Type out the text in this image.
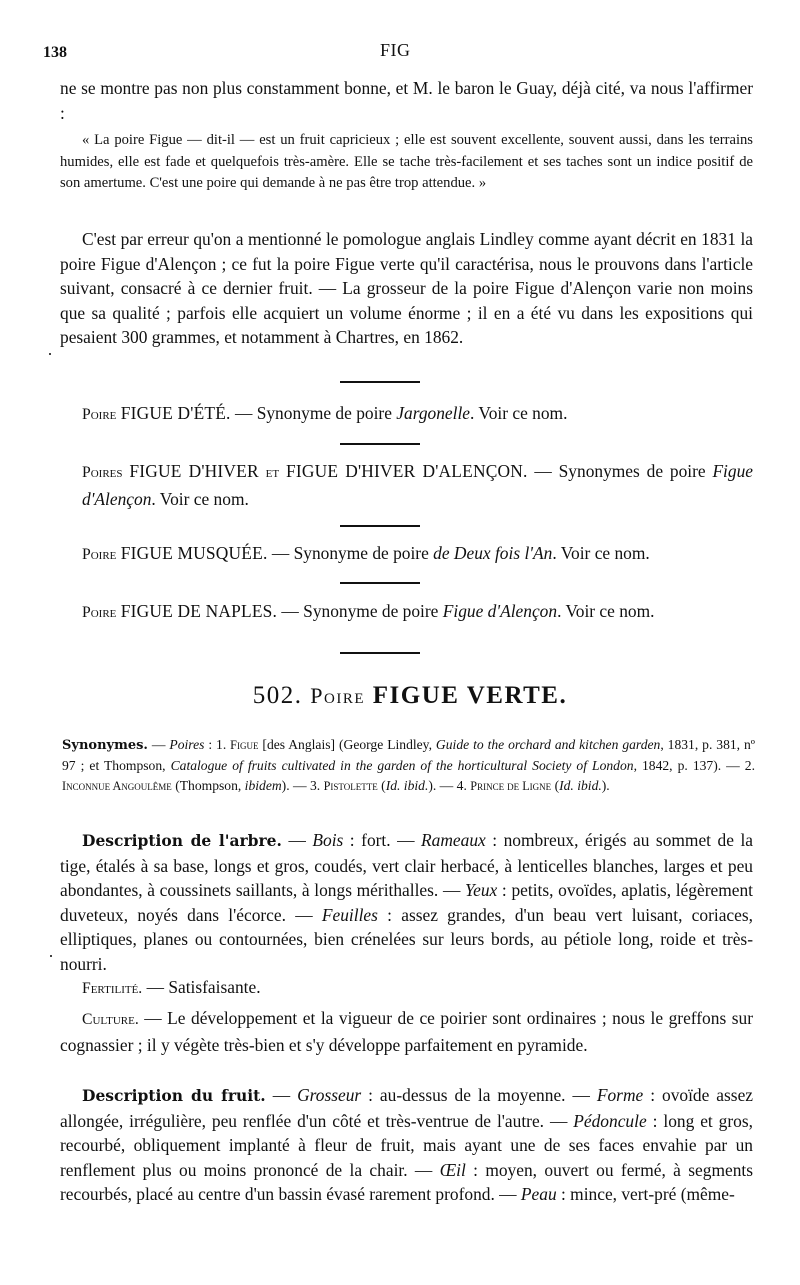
138	FIG
ne se montre pas non plus constamment bonne, et M. le baron le Guay, déjà cité, va nous l'affirmer :
« La poire Figue — dit-il — est un fruit capricieux ; elle est souvent excellente, souvent aussi, dans les terrains humides, elle est fade et quelquefois très-amère. Elle se tache très-facilement et ses taches sont un indice positif de son amertume. C'est une poire qui demande à ne pas être trop attendue. »
C'est par erreur qu'on a mentionné le pomologue anglais Lindley comme ayant décrit en 1831 la poire Figue d'Alençon ; ce fut la poire Figue verte qu'il caractérisa, nous le prouvons dans l'article suivant, consacré à ce dernier fruit. — La grosseur de la poire Figue d'Alençon varie non moins que sa qualité ; parfois elle acquiert un volume énorme ; il en a été vu dans les expositions qui pesaient 300 grammes, et notamment à Chartres, en 1862.
Poire FIGUE D'ÉTÉ. — Synonyme de poire Jargonelle. Voir ce nom.
Poires FIGUE D'HIVER et FIGUE D'HIVER D'ALENÇON. — Synonymes de poire Figue d'Alençon. Voir ce nom.
Poire FIGUE MUSQUÉE. — Synonyme de poire de Deux fois l'An. Voir ce nom.
Poire FIGUE DE NAPLES. — Synonyme de poire Figue d'Alençon. Voir ce nom.
502. Poire FIGUE VERTE.
Synonymes. — Poires : 1. Figue [des Anglais] (George Lindley, Guide to the orchard and kitchen garden, 1831, p. 381, nº 97 ; et Thompson, Catalogue of fruits cultivated in the garden of the horticultural Society of London, 1842, p. 137). — 2. Inconnue Angoulême (Thompson, ibidem). — 3. Pistolette (Id. ibid.). — 4. Prince de Ligne (Id. ibid.).
Description de l'arbre. — Bois : fort. — Rameaux : nombreux, érigés au sommet de la tige, étalés à sa base, longs et gros, coudés, vert clair herbacé, à lenticelles blanches, larges et peu abondantes, à coussinets saillants, à longs mérithalles. — Yeux : petits, ovoïdes, aplatis, légèrement duveteux, noyés dans l'écorce. — Feuilles : assez grandes, d'un beau vert luisant, coriaces, elliptiques, planes ou contournées, bien crénelées sur leurs bords, au pétiole long, roide et très-nourri.
Fertilité. — Satisfaisante.
Culture. — Le développement et la vigueur de ce poirier sont ordinaires ; nous le greffons sur cognassier ; il y végète très-bien et s'y développe parfaitement en pyramide.
Description du fruit. — Grosseur : au-dessus de la moyenne. — Forme : ovoïde assez allongée, irrégulière, peu renflée d'un côté et très-ventrue de l'autre. — Pédoncule : long et gros, recourbé, obliquement implanté à fleur de fruit, mais ayant une de ses faces envahie par un renflement plus ou moins prononcé de la chair. — Œil : moyen, ouvert ou fermé, à segments recourbés, placé au centre d'un bassin évasé rarement profond. — Peau : mince, vert-pré (même-
